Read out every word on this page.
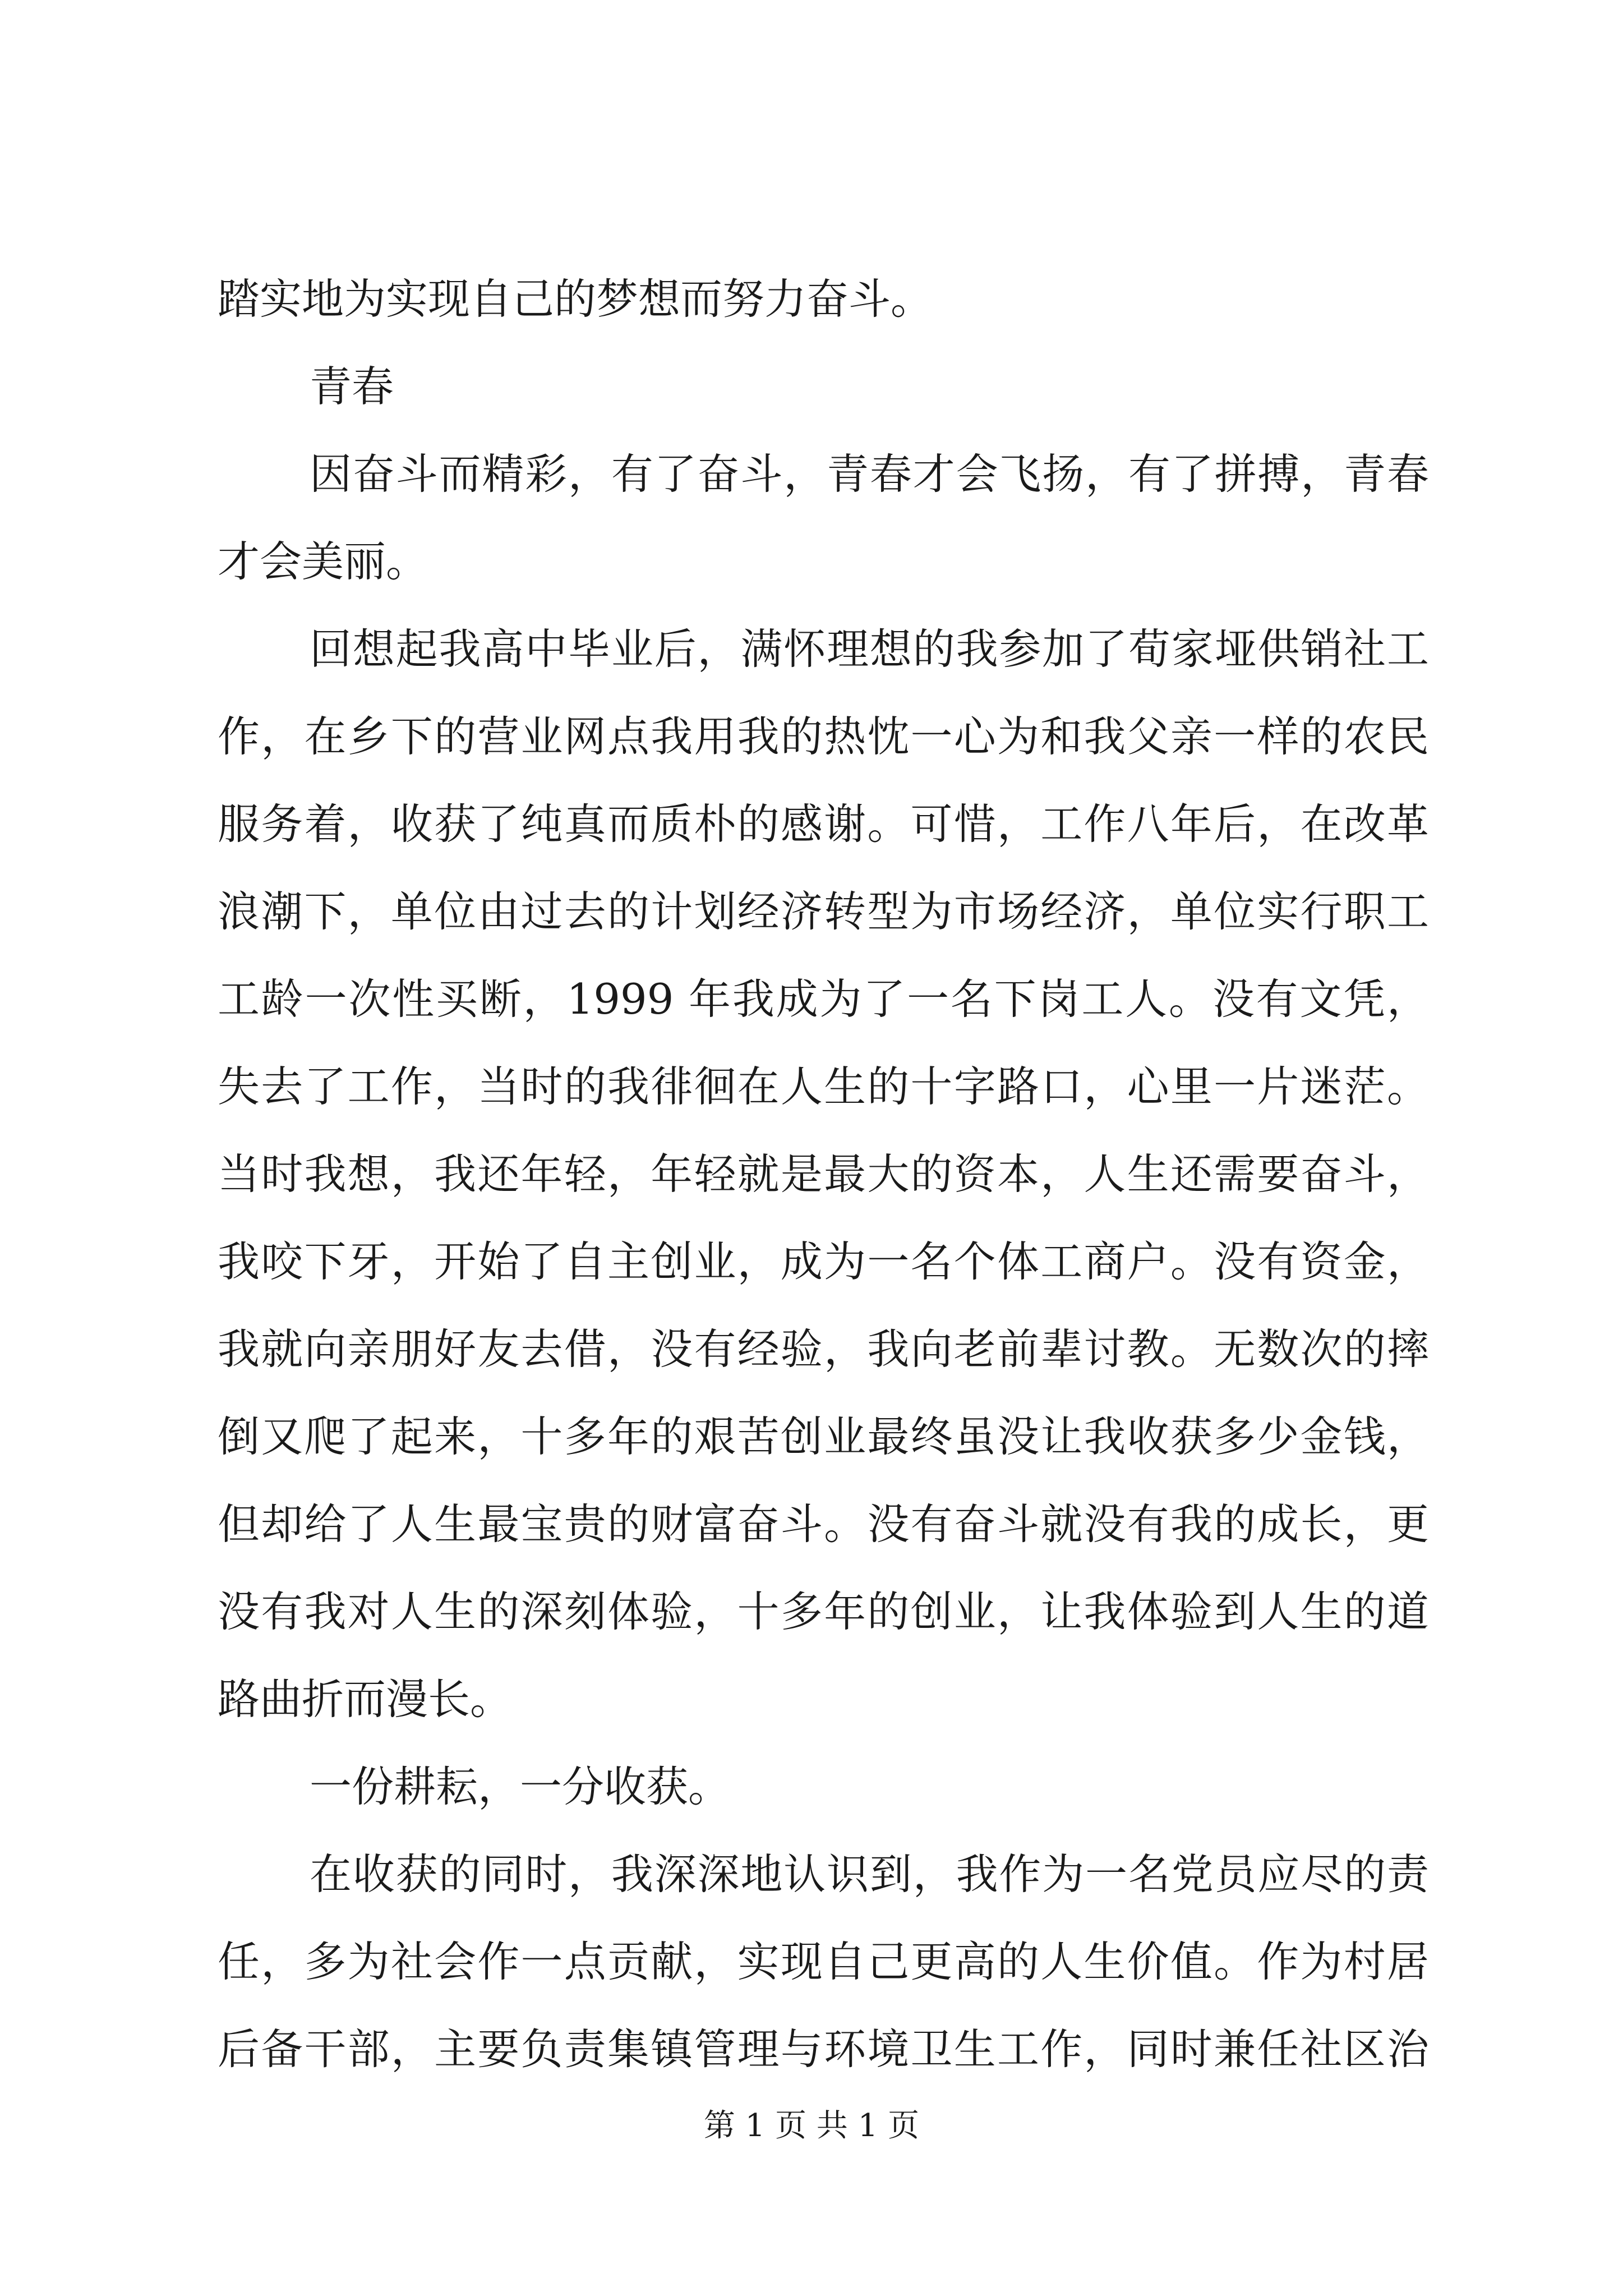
踏实地为实现自己的梦想而努力奋斗。
青春
因奋斗而精彩，有了奋斗，青春才会飞扬，有了拼搏，青春
才会美丽。
回想起我高中毕业后，满怀理想的我参加了荀家垭供销社工
作，在乡下的营业网点我用我的热忱一心为和我父亲一样的农民
服务着，收获了纯真而质朴的感谢。可惜，工作八年后，在改革
浪潮下，单位由过去的计划经济转型为市场经济，单位实行职工
工龄一次性买断，1999 年我成为了一名下岗工人。没有文凭，
失去了工作，当时的我徘徊在人生的十字路口，心里一片迷茫。
当时我想，我还年轻，年轻就是最大的资本，人生还需要奋斗，
我咬下牙，开始了自主创业，成为一名个体工商户。没有资金，
我就向亲朋好友去借，没有经验，我向老前辈讨教。无数次的摔
倒又爬了起来，十多年的艰苦创业最终虽没让我收获多少金钱，
但却给了人生最宝贵的财富奋斗。没有奋斗就没有我的成长，更
没有我对人生的深刻体验，十多年的创业，让我体验到人生的道
路曲折而漫长。
一份耕耘，一分收获。
在收获的同时，我深深地认识到，我作为一名党员应尽的责
任，多为社会作一点贡献，实现自己更高的人生价值。作为村居
后备干部，主要负责集镇管理与环境卫生工作，同时兼任社区治
第 1 页 共 1 页
